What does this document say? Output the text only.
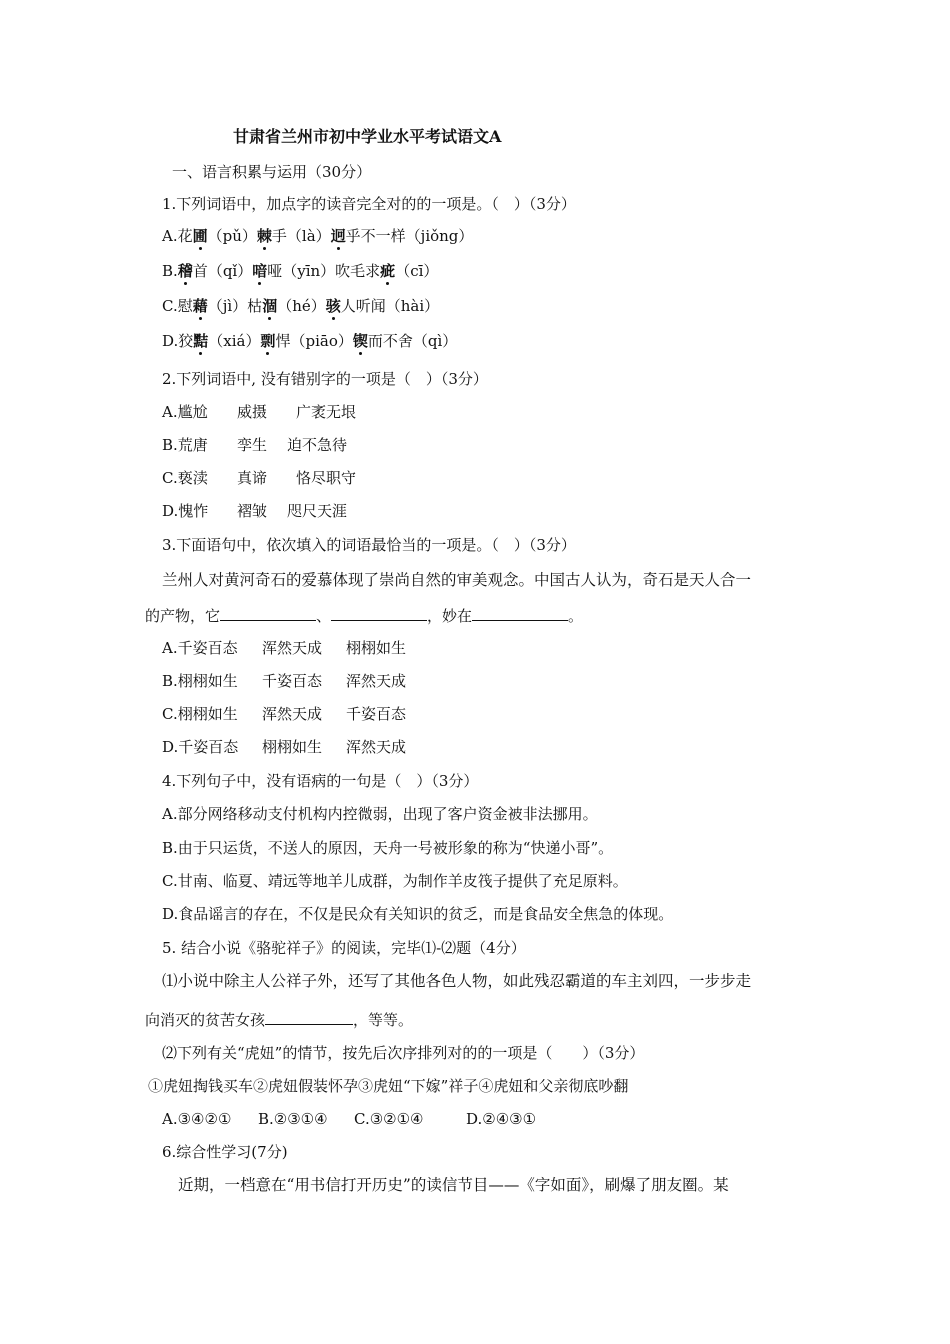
甘肃省兰州市初中学业水平考试语文A
一、语言积累与运用（30分）
1.下列词语中，加点字的读音完全对的的一项是。（　）（3分）
A.花圃（pǔ）棘手（là）迥乎不一样（jiǒng）
B.稽首（qǐ）喑哑（yīn）吹毛求疵（cī）
C.慰藉（jì）枯涸（hé）骇人听闻（hài）
D.狡黠（xiá）剽悍（piāo）锲而不舍（qì）
2.下列词语中, 没有错别字的一项是（　）（3分）
A.尴尬 威摄 广袤无垠
B.荒唐 孪生 迫不急待
C.亵渎 真谛 恪尽职守
D.愧怍 褶皱 咫尺天涯
3.下面语句中，依次填入的词语最恰当的一项是。（　）（3分）
兰州人对黄河奇石的爱慕体现了崇尚自然的审美观念。中国古人认为，奇石是天人合一
的产物，它	、	，妙在	。
A.千姿百态 浑然天成 栩栩如生
B.栩栩如生 千姿百态 浑然天成
C.栩栩如生 浑然天成 千姿百态
D.千姿百态 栩栩如生 浑然天成
4.下列句子中，没有语病的一句是（　）（3分）
A.部分网络移动支付机构内控微弱，出现了客户资金被非法挪用。
B.由于只运货，不送人的原因，天舟一号被形象的称为“快递小哥”。
C.甘南、临夏、靖远等地羊儿成群，为制作羊皮筏子提供了充足原料。
D.食品谣言的存在，不仅是民众有关知识的贫乏，而是食品安全焦急的体现。
5. 结合小说《骆驼祥子》的阅读，完毕⑴-⑵题（4分）
⑴小说中除主人公祥子外，还写了其他各色人物，如此残忍霸道的车主刘四，一步步走
向消灭的贫苦女孩	，等等。
⑵下列有关“虎妞”的情节，按先后次序排列对的的一项是（　　）（3分）
①虎妞掏钱买车②虎妞假装怀孕③虎妞“下嫁”祥子④虎妞和父亲彻底吵翻
A.③④②① B.②③①④ C.③②①④	D.②④③①
6.综合性学习(7分)
近期，一档意在“用书信打开历史”的读信节目——《字如面》，刷爆了朋友圈。某
